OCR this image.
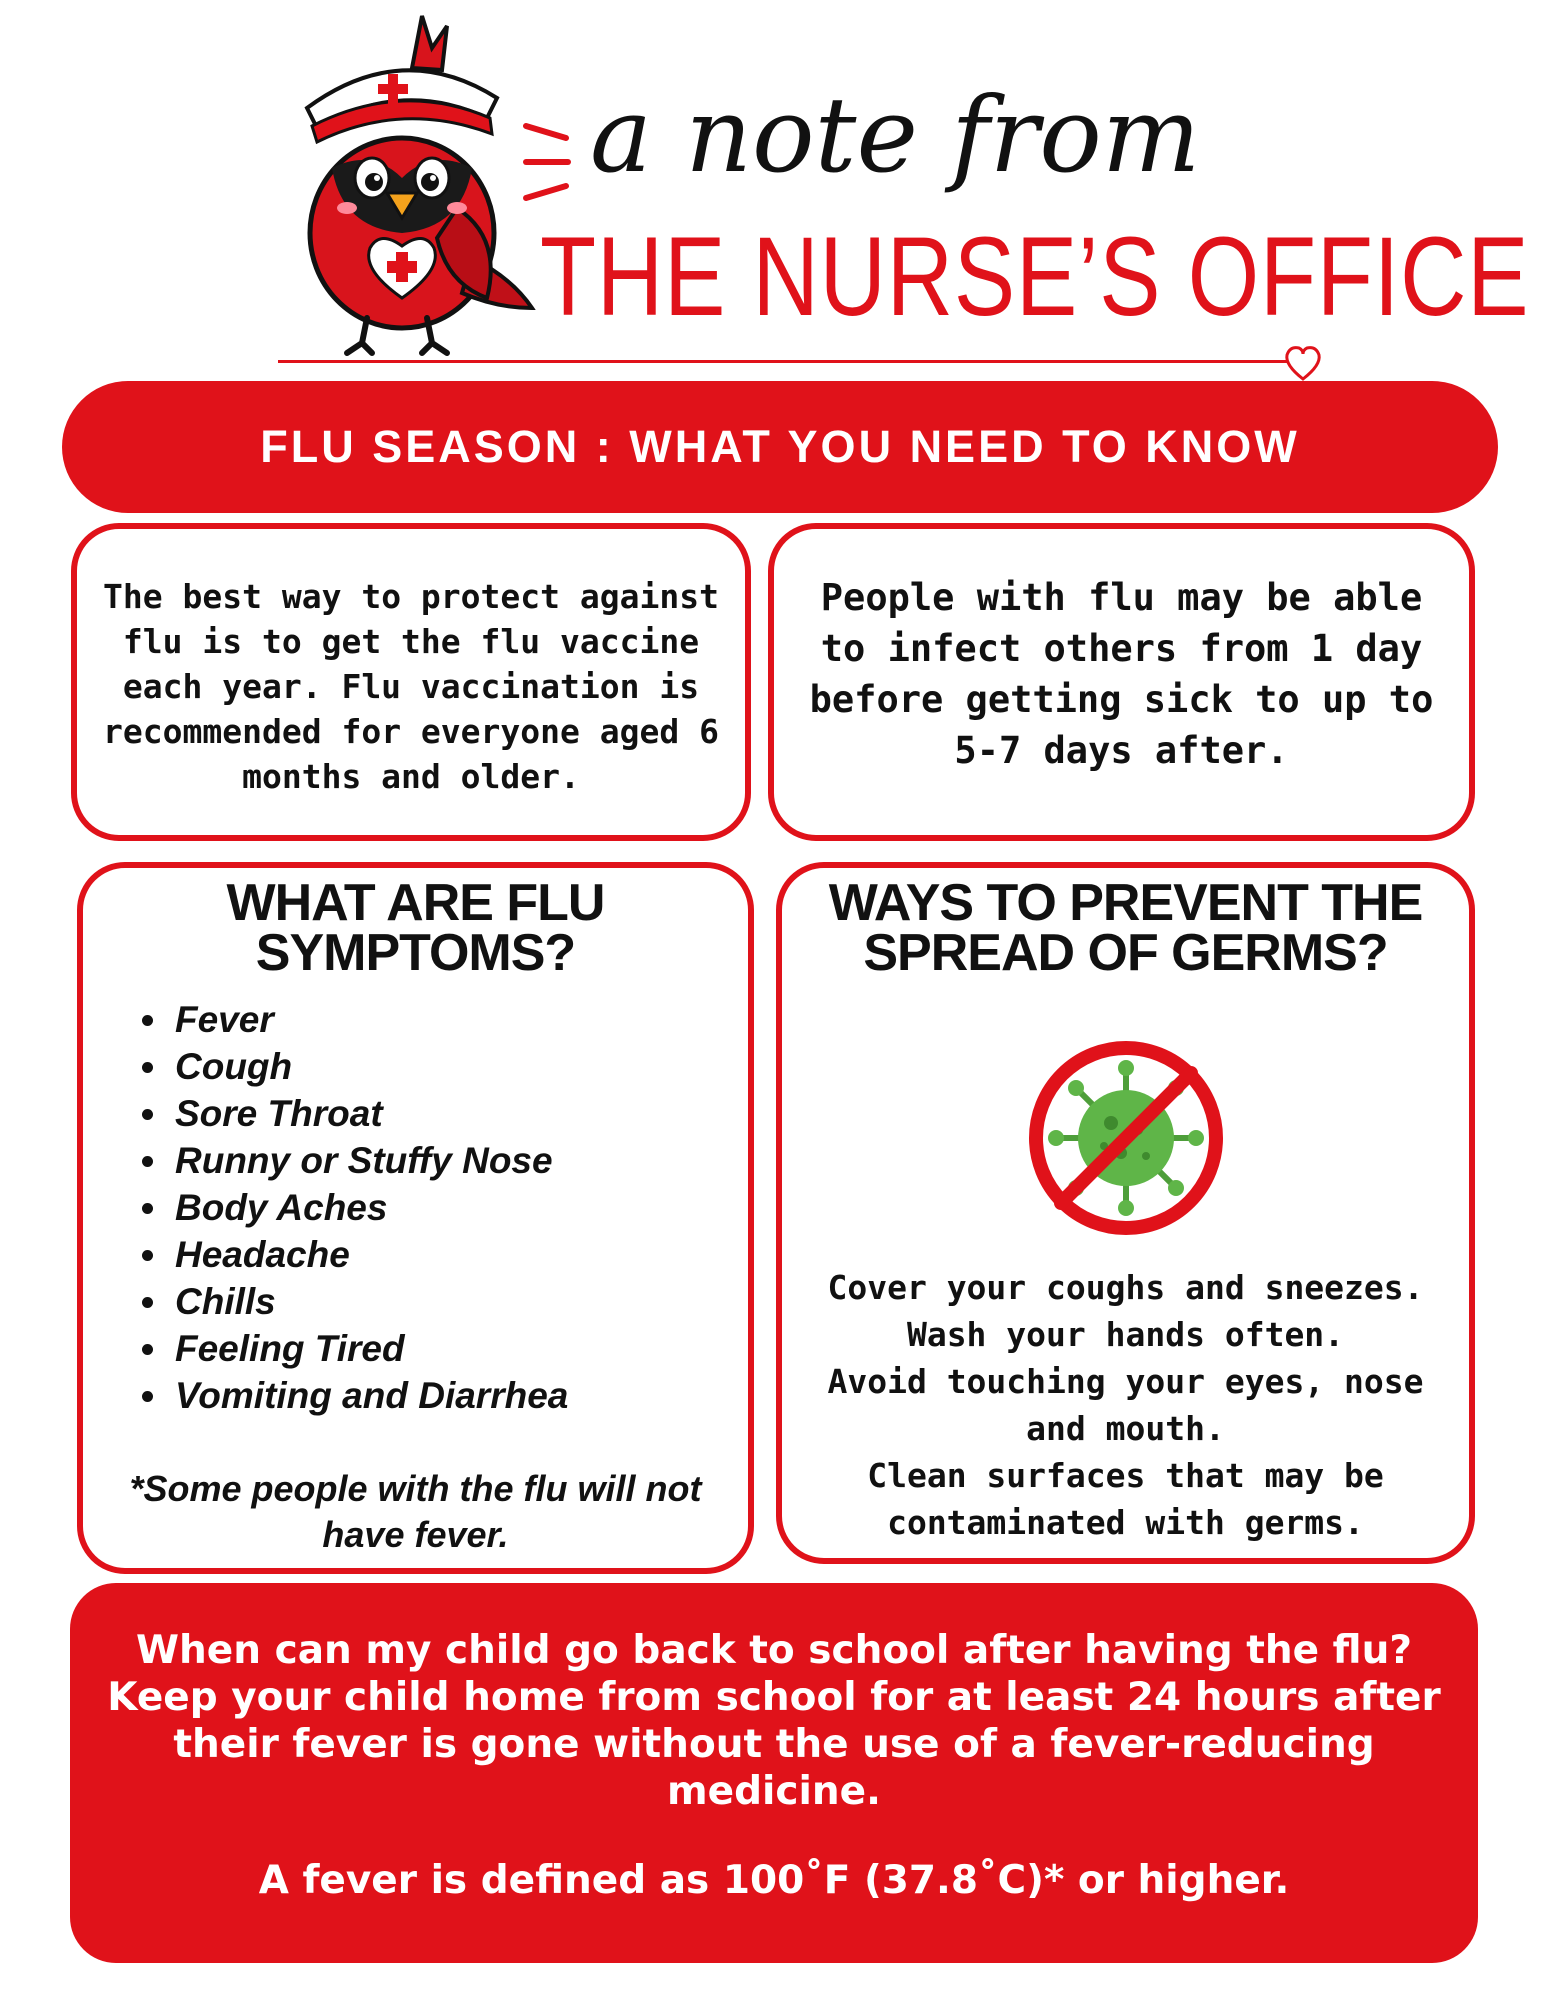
a note from
THE NURSE’S OFFICE
FLU SEASON : WHAT YOU NEED TO KNOW
The best way to protect against flu is to get the flu vaccine each year. Flu vaccination is recommended for everyone aged 6 months and older.
People with flu may be able to infect others from 1 day before getting sick to up to 5-7 days after.
WHAT ARE FLU SYMPTOMS?
• Fever
• Cough
• Sore Throat
• Runny or Stuffy Nose
• Body Aches
• Headache
• Chills
• Feeling Tired
• Vomiting and Diarrhea
*Some people with the flu will not have fever.
WAYS TO PREVENT THE SPREAD OF GERMS?
Cover your coughs and sneezes.
Wash your hands often.
Avoid touching your eyes, nose and mouth.
Clean surfaces that may be contaminated with germs.
When can my child go back to school after having the flu?
Keep your child home from school for at least 24 hours after their fever is gone without the use of a fever-reducing medicine.
A fever is defined as 100˚F (37.8˚C)* or higher.
